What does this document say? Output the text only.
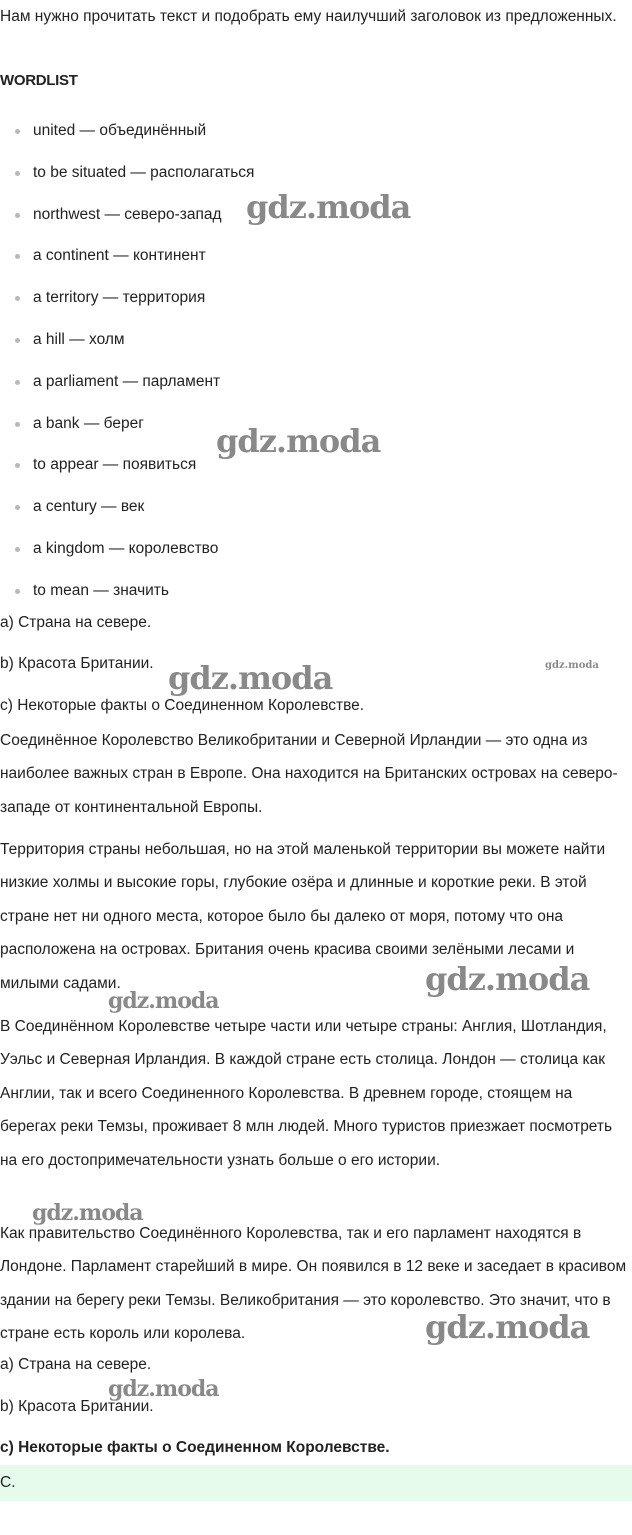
Нам нужно прочитать текст и подобрать ему наилучший заголовок из предложенных.

WORDLIST
united — объединённый
to be situated — располагаться
northwest — северо-запад
a continent — континент
a territory — территория
a hill — холм
a parliament — парламент
a bank — берег
to appear — появиться
a century — век
a kingdom — королевство
to mean — значить
a) Страна на севере.
b) Красота Британии.
c) Некоторые факты о Соединенном Королевстве.

Соединённое Королевство Великобритании и Северной Ирландии — это одна из наиболее важных стран в Европе. Она находится на Британских островах на северо-западе от континентальной Европы.

Территория страны небольшая, но на этой маленькой территории вы можете найти низкие холмы и высокие горы, глубокие озёра и длинные и короткие реки. В этой стране нет ни одного места, которое было бы далеко от моря, потому что она расположена на островах. Британия очень красива своими зелёными лесами и милыми садами.

В Соединённом Королевстве четыре части или четыре страны: Англия, Шотландия, Уэльс и Северная Ирландия. В каждой стране есть столица. Лондон — столица как Англии, так и всего Соединенного Королевства. В древнем городе, стоящем на берегах реки Темзы, проживает 8 млн людей. Много туристов приезжает посмотреть на его достопримечательности узнать больше о его истории.

Как правительство Соединённого Королевства, так и его парламент находятся в Лондоне. Парламент старейший в мире. Он появился в 12 веке и заседает в красивом здании на берегу реки Темзы. Великобритания — это королевство. Это значит, что в стране есть король или королева.

a) Страна на севере.
b) Красота Британии.
c) Некоторые факты о Соединенном Королевстве.
C.
gdz.moda
gdz.moda
gdz.moda	gdz.moda
gdz.moda
gdz.moda
gdz.moda
gdz.moda
gdz.moda
